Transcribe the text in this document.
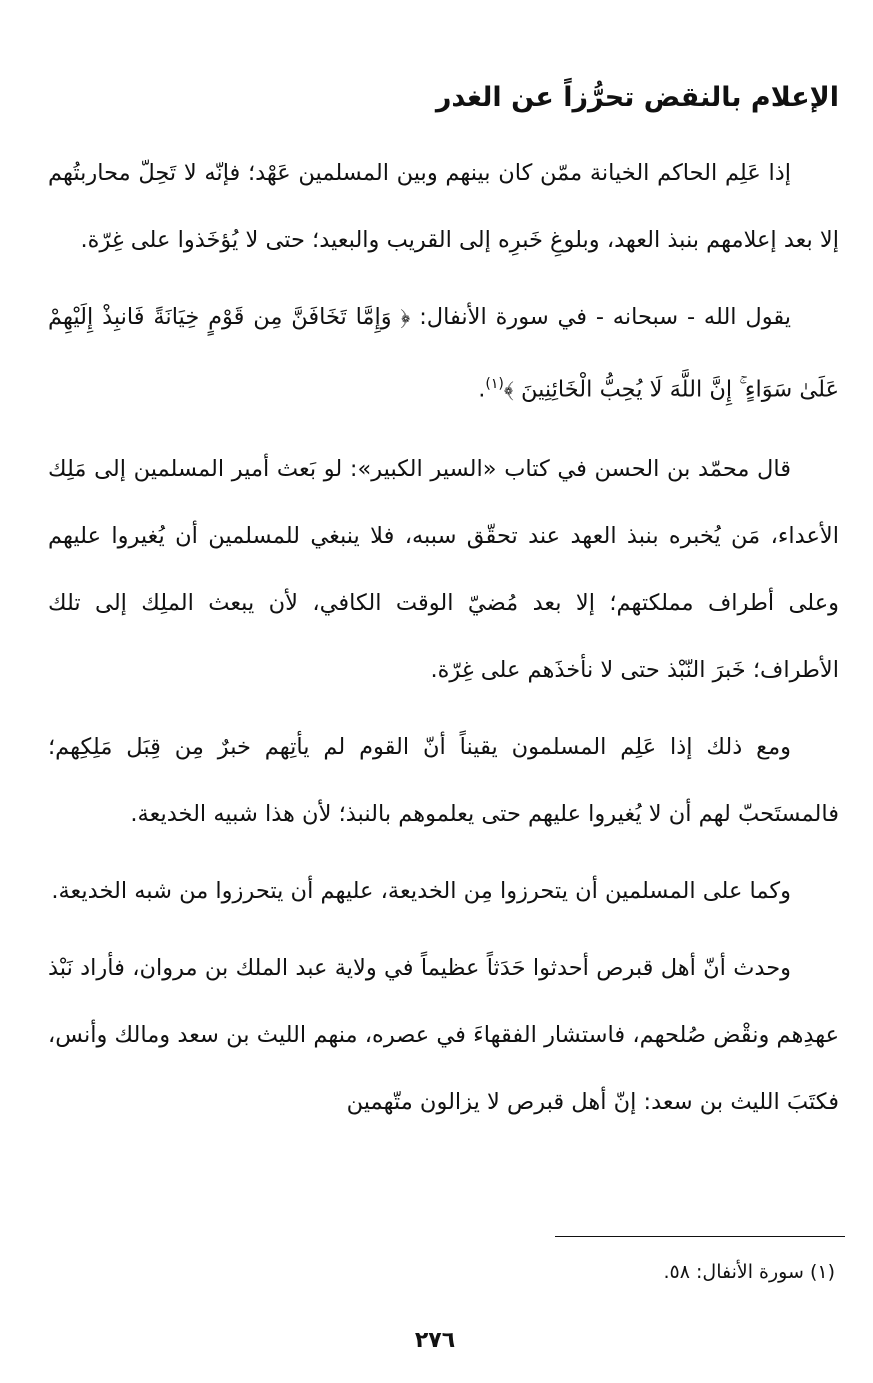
الإعلام بالنقض تحرُّزاً عن الغدر

إذا عَلِم الحاكم الخيانة ممّن كان بينهم وبين المسلمين عَهْد؛ فإنّه لا تَحِلّ محاربتُهم إلا بعد إعلامهم بنبذ العهد، وبلوغِ خَبرِه إلى القريب والبعيد؛ حتى لا يُؤخَذوا على غِرّة.

يقول الله - سبحانه - في سورة الأنفال: ﴿ وَإِمَّا تَخَافَنَّ مِن قَوْمٍ خِيَانَةً فَانبِذْ إِلَيْهِمْ عَلَىٰ سَوَاءٍ ۚ إِنَّ اللَّهَ لَا يُحِبُّ الْخَائِنِينَ ﴾$^{(١)}$.

قال محمّد بن الحسن في كتاب «السير الكبير»: لو بَعث أمير المسلمين إلى مَلِك الأعداء، مَن يُخبره بنبذ العهد عند تحقّق سببه، فلا ينبغي للمسلمين أن يُغيروا عليهم وعلى أطراف مملكتهم؛ إلا بعد مُضيّ الوقت الكافي، لأن يبعث الملِك إلى تلك الأطراف؛ خَبرَ النّبْذ حتى لا نأخذَهم على غِرّة.

ومع ذلك إذا عَلِم المسلمون يقيناً أنّ القوم لم يأتِهم خبرٌ مِن قِبَل مَلِكِهم؛ فالمستَحبّ لهم أن لا يُغيروا عليهم حتى يعلموهم بالنبذ؛ لأن هذا شبيه الخديعة.

وكما على المسلمين أن يتحرزوا مِن الخديعة، عليهم أن يتحرزوا من شبه الخديعة.

وحدث أنّ أهل قبرص أحدثوا حَدَثاً عظيماً في ولاية عبد الملك بن مروان، فأراد نَبْذ عهدِهم ونقْض صُلحهم، فاستشار الفقهاءَ في عصره، منهم الليث بن سعد ومالك وأنس، فكتَبَ الليث بن سعد: إنّ أهل قبرص لا يزالون متّهمين

(١) سورة الأنفال: ٥٨.

٢٧٦
